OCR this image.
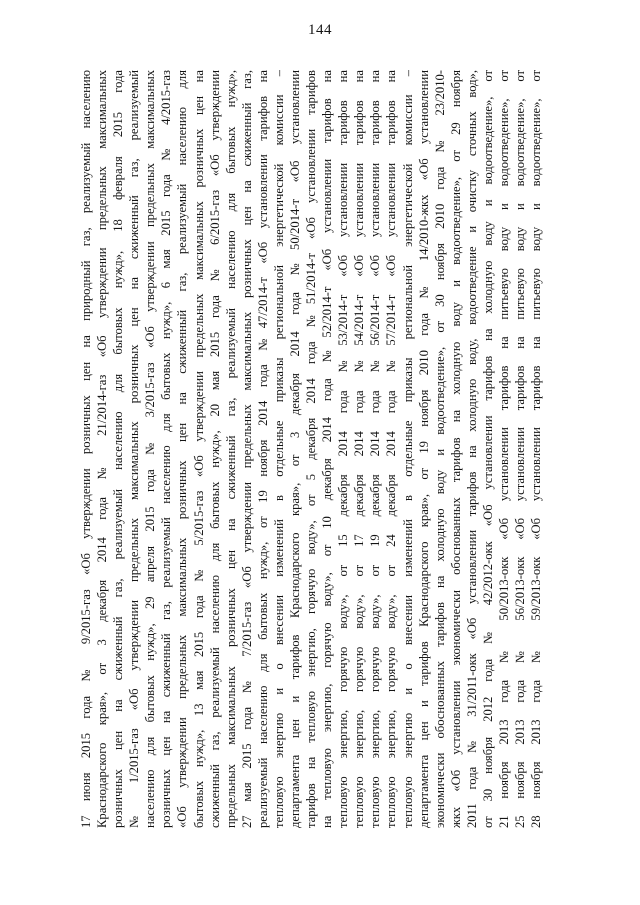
144
17 июня 2015 года № 9/2015-газ «Об утверждении розничных цен на природный газ, реализуемый населению Краснодарского края», от 3 декабря 2014 года № 21/2014-газ «Об утверждении предельных максимальных розничных цен на сжиженный газ, реализуемый населению для бытовых нужд», 18 февраля 2015 года № 1/2015-газ «Об утверждении предельных максимальных розничных цен на сжиженный газ, реализуемый населению для бытовых нужд», 29 апреля 2015 года № 3/2015-газ «Об утверждении предельных максимальных розничных цен на сжиженный газ, реализуемый населению для бытовых нужд», 6 мая 2015 года № 4/2015-газ «Об утверждении предельных максимальных розничных цен на сжиженный газ, реализуемый населению для бытовых нужд», 13 мая 2015 года № 5/2015-газ «Об утверждении предельных максимальных розничных цен на сжиженный газ, реализуемый населению для бытовых нужд», 20 мая 2015 года № 6/2015-газ «Об утверждении предельных максимальных розничных цен на сжиженный газ, реализуемый населению для бытовых нужд», 27 мая 2015 года № 7/2015-газ «Об утверждении предельных максимальных розничных цен на сжиженный газ, реализуемый населению для бытовых нужд», от 19 ноября 2014 года №47/2014-т «Об установлении тарифов на тепловую энергию и о внесении изменений в отдельные приказы региональной энергетической комиссии – департамента цен и тарифов Краснодарского края», от 3 декабря 2014 года №50/2014-т «Об установлении тарифов на тепловую энергию, горячую воду», от 5 декабря 2014 года №51/2014-т «Об установлении тарифов на тепловую энергию, горячую воду», от 10 декабря 2014 года №52/2014-т «Об установлении тарифов на тепловую энергию, горячую воду», от 15 декабря 2014 года №53/2014-т «Об установлении тарифов на тепловую энергию, горячую воду», от 17 декабря 2014 года №54/2014-т «Об установлении тарифов на тепловую энергию, горячую воду», от 19 декабря 2014 года №56/2014-т «Об установлении тарифов на тепловую энергию, горячую воду», от 24 декабря 2014 года №57/2014-т «Об установлении тарифов на тепловую энергию и о внесении изменений в отдельные приказы региональной энергетической комиссии – департамента цен и тарифов Краснодарского края», от 19 ноября 2010 года № 14/2010-жкх «Об установлении экономически обоснованных тарифов на холодную воду и водоотведение», от 30 ноября 2010 года № 23/2010- жкх «Об установлении экономически обоснованных тарифов на холодную воду и водоотведение», от 29 ноября 2011 года № 31/2011-окк «Об установлении тарифов на холодную воду, водоотведение и очистку сточных вод», от 30 ноября 2012 года № 42/2012-окк «Об установлении тарифов на холодную воду и водоотведение», от 21 ноября 2013 года № 50/2013-окк «Об установлении тарифов на питьевую воду и водоотведение», от 25 ноября 2013 года № 56/2013-окк «Об установлении тарифов на питьевую воду и водоотведение», от 28 ноября 2013 года № 59/2013-окк «Об установлении тарифов на питьевую воду и водоотведение», от
